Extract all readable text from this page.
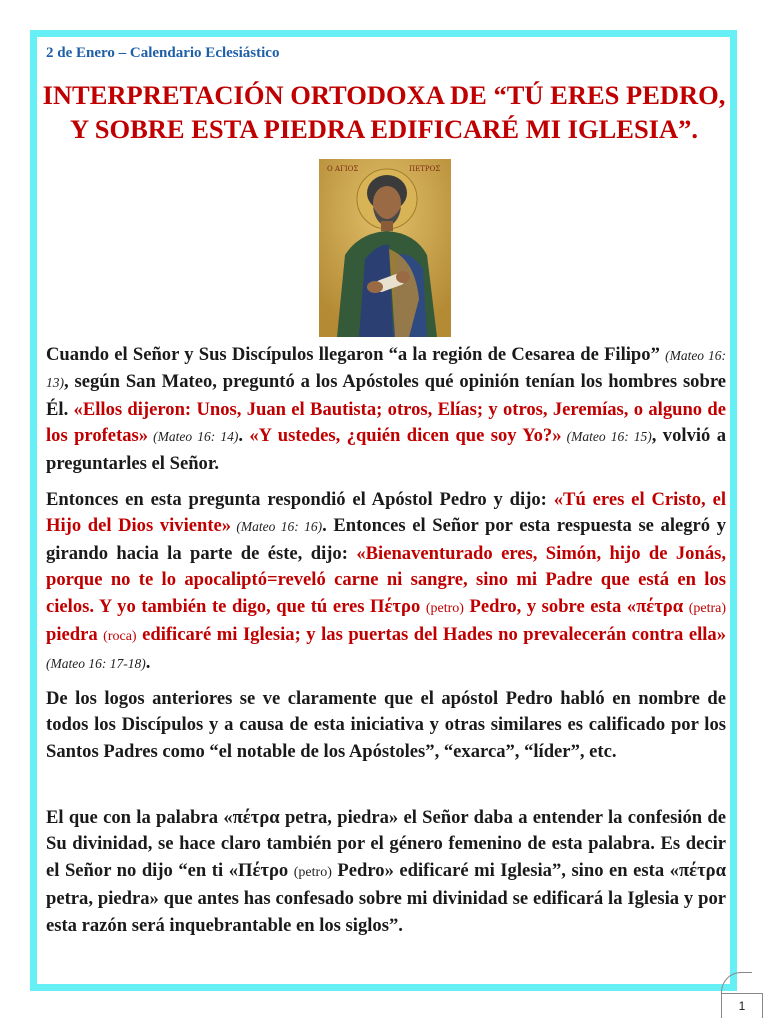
2 de Enero – Calendario Eclesiástico
INTERPRETACIÓN ORTODOXA DE “TÚ ERES PEDRO,
Y SOBRE ESTA PIEDRA EDIFICARÉ MI IGLESIA”.
Ο ΑΓΙΟΣ	ΠΕΤΡΟΣ

Cuando el Señor y Sus Discípulos llegaron “a la región de Cesarea de Filipo” (Mateo 16: 13), según San Mateo, preguntó a los Apóstoles qué opinión tenían los hombres sobre Él. «Ellos dijeron: Unos, Juan el Bautista; otros, Elías; y otros, Jeremías, o alguno de los profetas» (Mateo 16: 14). «Y ustedes, ¿quién dicen que soy Yo?» (Mateo 16: 15), volvió a preguntarles el Señor.

Entonces en esta pregunta respondió el Apóstol Pedro y dijo: «Tú eres el Cristo, el Hijo del Dios viviente» (Mateo 16: 16). Entonces el Señor por esta respuesta se alegró y girando hacia la parte de éste, dijo: «Bienaventurado eres, Simón, hijo de Jonás, porque no te lo apocaliptó=reveló carne ni sangre, sino mi Padre que está en los cielos. Y yo también te digo, que tú eres Πέτρο (petro) Pedro, y sobre esta «πέτρα (petra) piedra (roca) edificaré mi Iglesia; y las puertas del Hades no prevalecerán contra ella» (Mateo 16: 17-18).

De los logos anteriores se ve claramente que el apóstol Pedro habló en nombre de todos los Discípulos y a causa de esta iniciativa y otras similares es calificado por los Santos Padres como “el notable de los Apóstoles”, “exarca”, “líder”, etc.

El que con la palabra «πέτρα petra, piedra» el Señor daba a entender la confesión de Su divinidad, se hace claro también por el género femenino de esta palabra. Es decir el Señor no dijo “en ti «Πέτρο (petro) Pedro» edificaré mi Iglesia”, sino en esta «πέτρα petra, piedra» que antes has confesado sobre mi divinidad se edificará la Iglesia y por esta razón será inquebrantable en los siglos”.

1
